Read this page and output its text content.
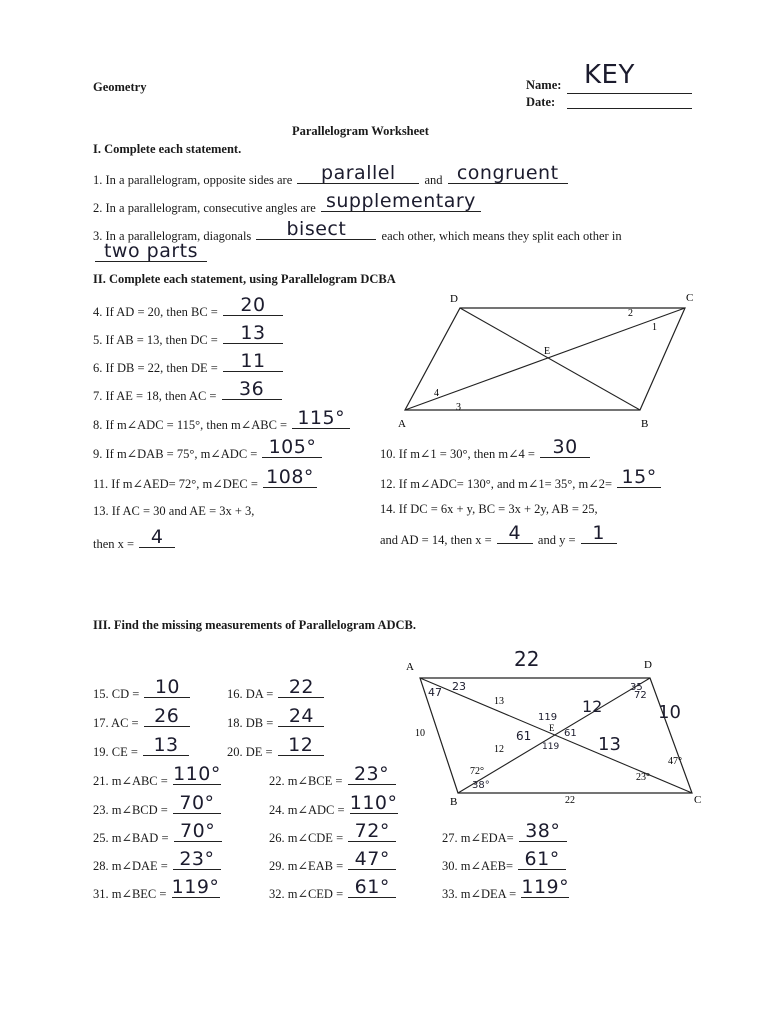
Geometry	Name: KEY
Date:
Parallelogram Worksheet
I. Complete each statement.
1. In a parallelogram, opposite sides are	parallel	and congruent
2. In a parallelogram, consecutive angles are supplementary
3. In a parallelogram, diagonals	bisect	each other, which means they split each other in
two parts
II. Complete each statement, using Parallelogram DCBA
4. If AD = 20, then BC =	20
5. If AB = 13, then DC =	13
6. If DB = 22, then DE =	11
7. If AE = 18, then AC =	36
8. If m∠ADC = 115°, then m∠ABC = 115°
9. If m∠DAB = 75°, m∠ADC = 105°	10. If m∠1 = 30°, then m∠4 = 30
11. If m∠AED= 72°, m∠DEC = 108°	12. If m∠ADC= 130°, and m∠1= 35°, m∠2= 15°
13. If AC = 30 and AE = 3x + 3,
then x = 4
14. If DC = 6x + y, BC = 3x + 2y, AB = 25,
and AD = 14, then x = 4	and y = 1
D	C
B
A
E
1
2
3
4
III. Find the missing measurements of Parallelogram ADCB.
15. CD = 10	16. DA = 22
17. AC = 26	18. DB = 24
19. CE = 13	20. DE = 12
21. m∠ABC = 110°	22. m∠BCE = 23°
23. m∠BCD = 70°	24. m∠ADC = 110°
25. m∠BAD = 70°	26. m∠CDE = 72°	27. m∠EDA= 38°
28. m∠DAE = 23°	29. m∠EAB = 47°	30. m∠AEB= 61°
31. m∠BEC = 119°	32. m∠CED = 61°	33. m∠DEA = 119°
A	D
B	C
E
22
10
22
10
47 23	35
72
72°
38°
47°
23°
13
12
12
13
119
61	61
119
